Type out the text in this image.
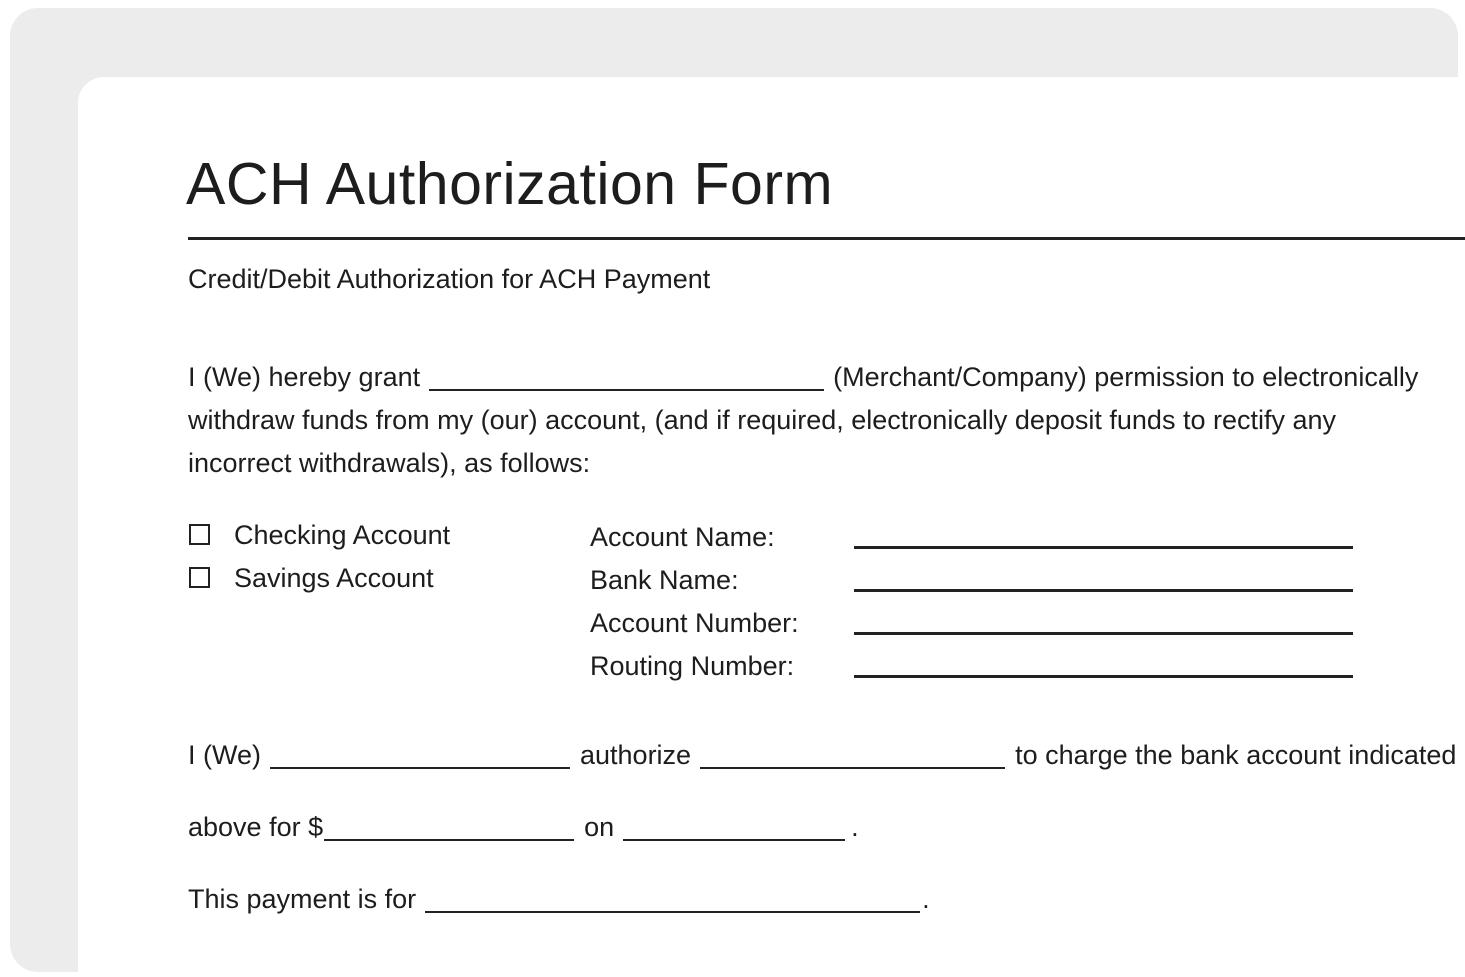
ACH Authorization Form
Credit/Debit Authorization for ACH Payment
I (We) hereby grant	(Merchant/Company) permission to electronically
withdraw funds from my (our) account, (and if required, electronically deposit funds to rectify any
incorrect withdrawals), as follows:
Checking Account
Savings Account
Account Name:
Bank Name:
Account Number:
Routing Number:
I (We)	authorize	to charge the bank account indicated
above for $	on	.
This payment is for	.
